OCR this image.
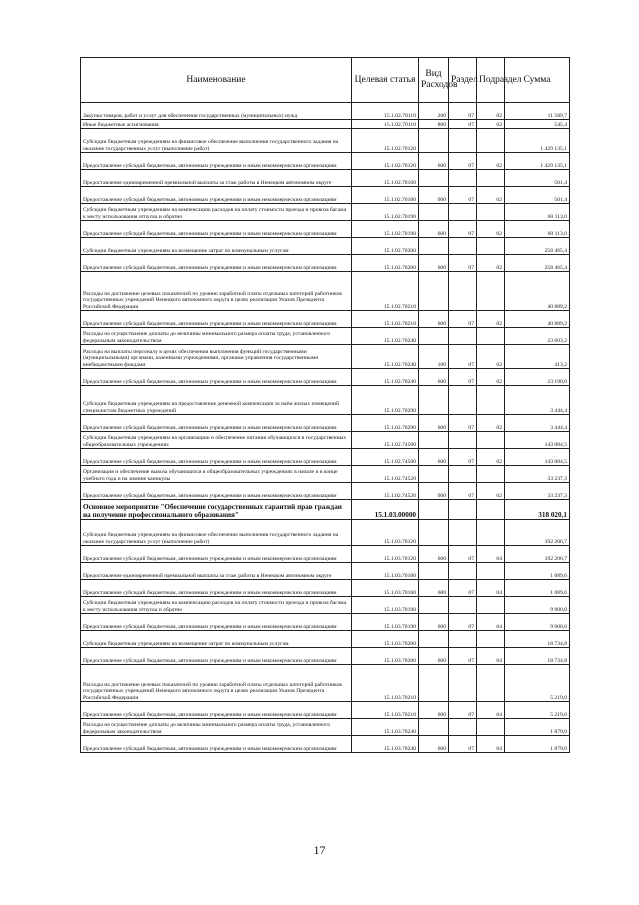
Наименование	Целевая статья	Вид Расходов	Раздел	Подраздел	Сумма
Закупка товаров, работ и услуг для обеспечения государственных (муниципальных) нужд	15.1.02.70110	200	07	02	11 589,7
Иные бюджетные ассигнования	15.1.02.70110	800	07	02	545,4
Субсидии бюджетным учреждениям на финансовое обеспечение выполнения государственного задания на оказание государственных услуг (выполнение работ)	15.1.02.70120				1 429 135,1
Предоставление субсидий бюджетным, автономным учреждениям и иным некоммерческим организациям	15.1.02.70120	600	07	02	1 429 135,1
Предоставление единовременной премиальной выплаты за стаж работы в Ненецком автономном округе	15.1.02.70160				501,4
Предоставление субсидий бюджетным, автономным учреждениям и иным некоммерческим организациям	15.1.02.70160	600	07	02	501,4
Субсидии бюджетным учреждениям на компенсацию расходов на оплату стоимости проезда и провоза багажа к месту использования отпуска и обратно	15.1.02.70190				60 113,0
Предоставление субсидий бюджетным, автономным учреждениям и иным некоммерческим организациям	15.1.02.70190	600	07	02	60 113,0
Субсидии бюджетным учреждениям на возмещение затрат по коммунальным услугам	15.1.02.70200				258 465,4
Предоставление субсидий бюджетным, автономным учреждениям и иным некоммерческим организациям	15.1.02.70200	600	07	02	258 465,4
Расходы на достижение целевых показателей по уровню заработной платы отдельных категорий работников государственных учреждений Ненецкого автономного округа в целях реализации Указов Президента Российской Федерации	15.1.02.70210				40 889,2
Предоставление субсидий бюджетным, автономным учреждениям и иным некоммерческим организациям	15.1.02.70210	600	07	02	40 889,2
Расходы на осуществление доплаты до величины минимального размера оплаты труда, установленного федеральным законодательством	15.1.02.70240				23 603,2
Расходы на выплаты персоналу в целях обеспечения выполнения функций государственными (муниципальными) органами, казенными учреждениями, органами управления государственными внебюджетными фондами	15.1.02.70240	100	07	02	413,2
Предоставление субсидий бюджетным, автономным учреждениям и иным некоммерческим организациям	15.1.02.70240	600	07	02	23 190,0
Субсидии бюджетным учреждениям на предоставление денежной компенсации за наём жилых помещений специалистам бюджетных учреждений	15.1.02.70290				3 444,4
Предоставление субсидий бюджетным, автономным учреждениям и иным некоммерческим организациям	15.1.02.70290	600	07	02	3 444,4
Субсидии бюджетным учреждениям на организацию и обеспечение питания обучающихся в государственных общеобразовательных учреждениях	15.1.02.74500				143 084,5
Предоставление субсидий бюджетным, автономным учреждениям и иным некоммерческим организациям	15.1.02.74500	600	07	02	143 084,5
Организация и обеспечение вывоза обучающихся в общеобразовательных учреждениях в начале и в конце учебного года и на зимние каникулы	15.1.02.74520				33 237,3
Предоставление субсидий бюджетным, автономным учреждениям и иным некоммерческим организациям	15.1.02.74520	600	07	02	33 237,3
Основное мероприятие "Обеспечение государственных гарантий прав граждан на получение профессионального образования"	15.1.03.00000				318 020,1
Субсидии бюджетным учреждениям на финансовое обеспечение выполнения государственного задания на оказание государственных услуг (выполнение работ)	15.1.03.70120				192 206,7
Предоставление субсидий бюджетным, автономным учреждениям и иным некоммерческим организациям	15.1.03.70120	600	07	04	192 206,7
Предоставление единовременной премиальной выплаты за стаж работы в Ненецком автономном округе	15.1.03.70160				1 089,6
Предоставление субсидий бюджетным, автономным учреждениям и иным некоммерческим организациям	15.1.03.70160	600	07	04	1 089,6
Субсидии бюджетным учреждениям на компенсацию расходов на оплату стоимости проезда и провоза багажа к месту использования отпуска и обратно	15.1.03.70190				9 900,0
Предоставление субсидий бюджетным, автономным учреждениям и иным некоммерческим организациям	15.1.03.70190	600	07	04	9 900,0
Субсидии бюджетным учреждениям на возмещение затрат по коммунальным услугам	15.1.03.70200				18 734,8
Предоставление субсидий бюджетным, автономным учреждениям и иным некоммерческим организациям	15.1.03.70200	600	07	04	18 734,8
Расходы на достижение целевых показателей по уровню заработной платы отдельных категорий работников государственных учреждений Ненецкого автономного округа в целях реализации Указов Президента Российской Федерации	15.1.03.70210				5 219,0
Предоставление субсидий бюджетным, автономным учреждениям и иным некоммерческим организациям	15.1.03.70210	600	07	04	5 219,0
Расходы на осуществление доплаты до величины минимального размера оплаты труда, установленного федеральным законодательством	15.1.03.70240				1 879,0
Предоставление субсидий бюджетным, автономным учреждениям и иным некоммерческим организациям	15.1.03.70240	600	07	04	1 879,0
17
